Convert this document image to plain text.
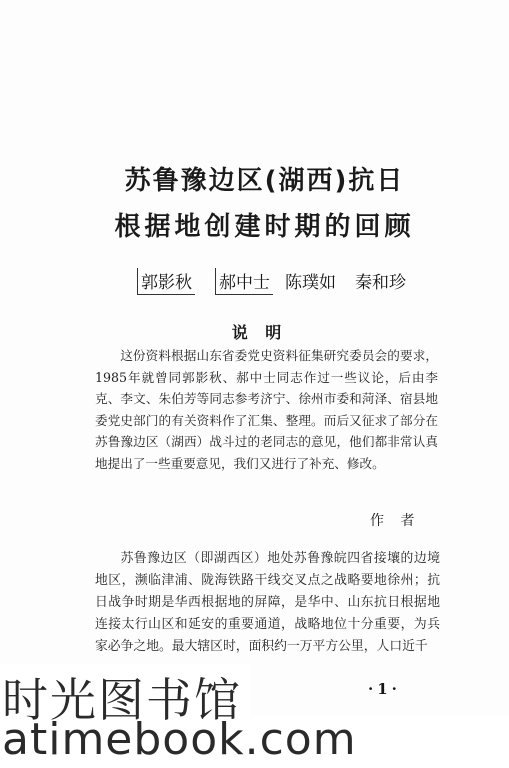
苏鲁豫边区(湖西)抗日
根据地创建时期的回顾
郭影秋 郝中士 陈璞如 秦和珍
说 明

这份资料根据山东省委党史资料征集研究委员会的要求，1985年就曾同郭影秋、郝中士同志作过一些议论，后由李克、李文、朱伯芳等同志参考济宁、徐州市委和菏泽、宿县地委党史部门的有关资料作了汇集、整理。而后又征求了部分在苏鲁豫边区（湖西）战斗过的老同志的意见，他们都非常认真地提出了一些重要意见，我们又进行了补充、修改。

作 者

苏鲁豫边区（即湖西区）地处苏鲁豫皖四省接壤的边境地区，濒临津浦、陇海铁路干线交叉点之战略要地徐州；抗日战争时期是华西根据地的屏障，是华中、山东抗日根据地连接太行山区和延安的重要通道，战略地位十分重要，为兵家必争之地。最大辖区时，面积约一万平方公里，人口近千

·1·
时光图书馆
atimebook.com
